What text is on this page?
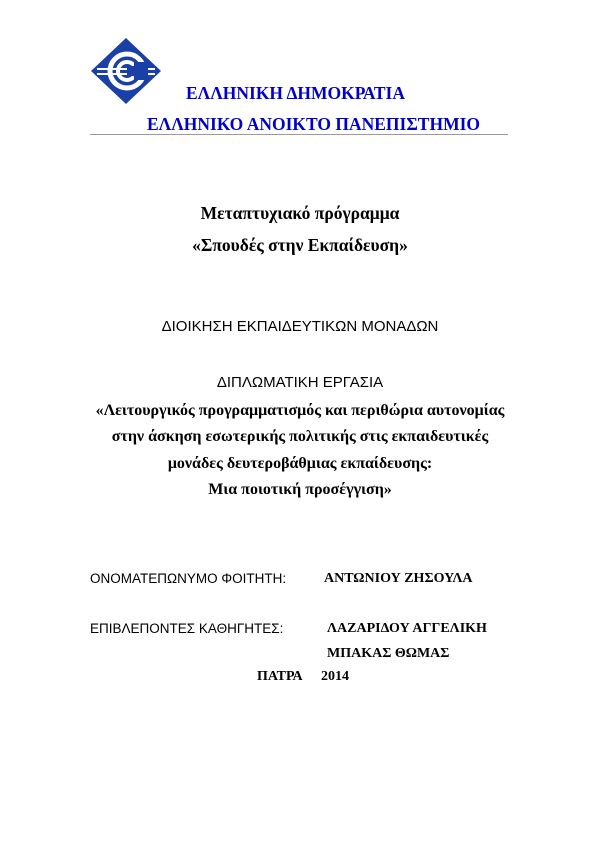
ΕΛΛΗΝΙΚΗ ΔΗΜΟΚΡΑΤΙΑ
ΕΛΛΗΝΙΚΟ ΑΝΟΙΚΤΟ ΠΑΝΕΠΙΣΤΗΜΙΟ
Μεταπτυχιακό πρόγραμμα
«Σπουδές στην Εκπαίδευση»
ΔΙΟΙΚΗΣΗ ΕΚΠΑΙΔΕΥΤΙΚΩΝ ΜΟΝΑΔΩΝ
ΔΙΠΛΩΜΑΤΙΚΗ ΕΡΓΑΣΙΑ
«Λειτουργικός προγραμματισμός και περιθώρια αυτονομίας
στην άσκηση εσωτερικής πολιτικής στις εκπαιδευτικές
μονάδες δευτεροβάθμιας εκπαίδευσης:
Μια ποιοτική προσέγγιση»
ΟΝΟΜΑΤΕΠΩΝΥΜΟ ΦΟΙΤΗΤΗ:	ΑΝΤΩΝΙΟΥ ΖΗΣΟΥΛΑ
ΕΠΙΒΛΕΠΟΝΤΕΣ ΚΑΘΗΓΗΤΕΣ:	ΛΑΖΑΡΙΔΟΥ ΑΓΓΕΛΙΚΗ
ΜΠΑΚΑΣ ΘΩΜΑΣ
ΠΑΤΡΑ 2014
